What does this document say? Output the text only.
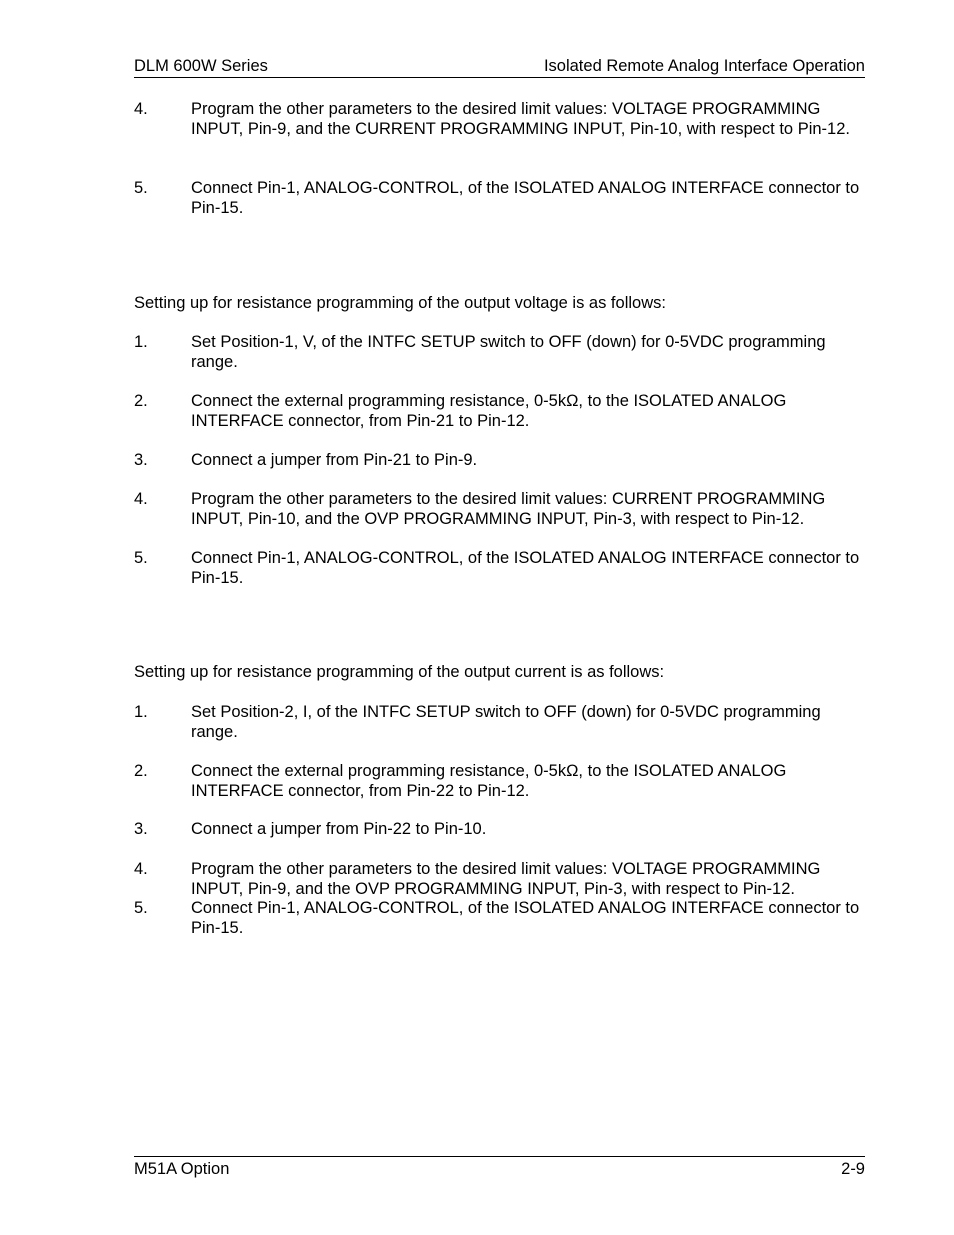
DLM 600W Series	Isolated Remote Analog Interface Operation
4.	Program the other parameters to the desired limit values: VOLTAGE PROGRAMMING INPUT, Pin-9, and the CURRENT PROGRAMMING INPUT, Pin-10, with respect to Pin-12.
5.	Connect Pin-1, ANALOG-CONTROL, of the ISOLATED ANALOG INTERFACE connector to Pin-15.
Setting up for resistance programming of the output voltage is as follows:
1.	Set Position-1, V, of the INTFC SETUP switch to OFF (down) for 0-5VDC programming range.
2.	Connect the external programming resistance, 0-5kΩ, to the ISOLATED ANALOG INTERFACE connector, from Pin-21 to Pin-12.
3.	Connect a jumper from Pin-21 to Pin-9.
4.	Program the other parameters to the desired limit values: CURRENT PROGRAMMING INPUT, Pin-10, and the OVP PROGRAMMING INPUT, Pin-3, with respect to Pin-12.
5.	Connect Pin-1, ANALOG-CONTROL, of the ISOLATED ANALOG INTERFACE connector to Pin-15.
Setting up for resistance programming of the output current is as follows:
1.	Set Position-2, I, of the INTFC SETUP switch to OFF (down) for 0-5VDC programming range.
2.	Connect the external programming resistance, 0-5kΩ, to the ISOLATED ANALOG INTERFACE connector, from Pin-22 to Pin-12.
3.	Connect a jumper from Pin-22 to Pin-10.
4.	Program the other parameters to the desired limit values: VOLTAGE PROGRAMMING INPUT, Pin-9, and the OVP PROGRAMMING INPUT, Pin-3, with respect to Pin-12.
5.	Connect Pin-1, ANALOG-CONTROL, of the ISOLATED ANALOG INTERFACE connector to Pin-15.
M51A Option	2-9
